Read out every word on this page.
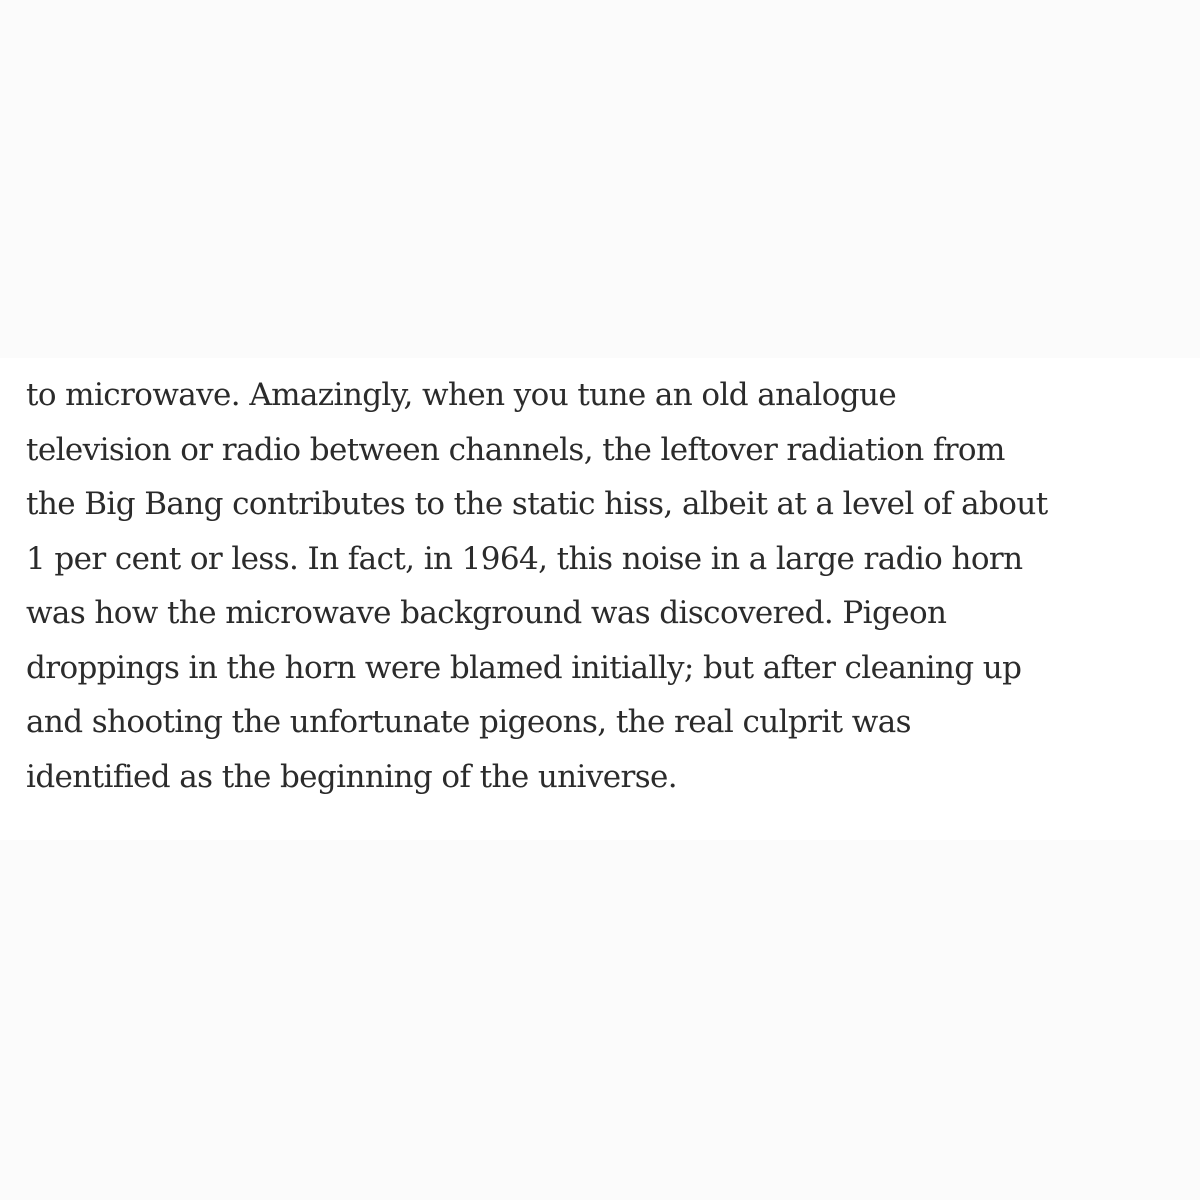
to microwave. Amazingly, when you tune an old analogue
television or radio between channels, the leftover radiation from
the Big Bang contributes to the static hiss, albeit at a level of about
1 per cent or less. In fact, in 1964, this noise in a large radio horn
was how the microwave background was discovered. Pigeon
droppings in the horn were blamed initially; but after cleaning up
and shooting the unfortunate pigeons, the real culprit was
identified as the beginning of the universe.
